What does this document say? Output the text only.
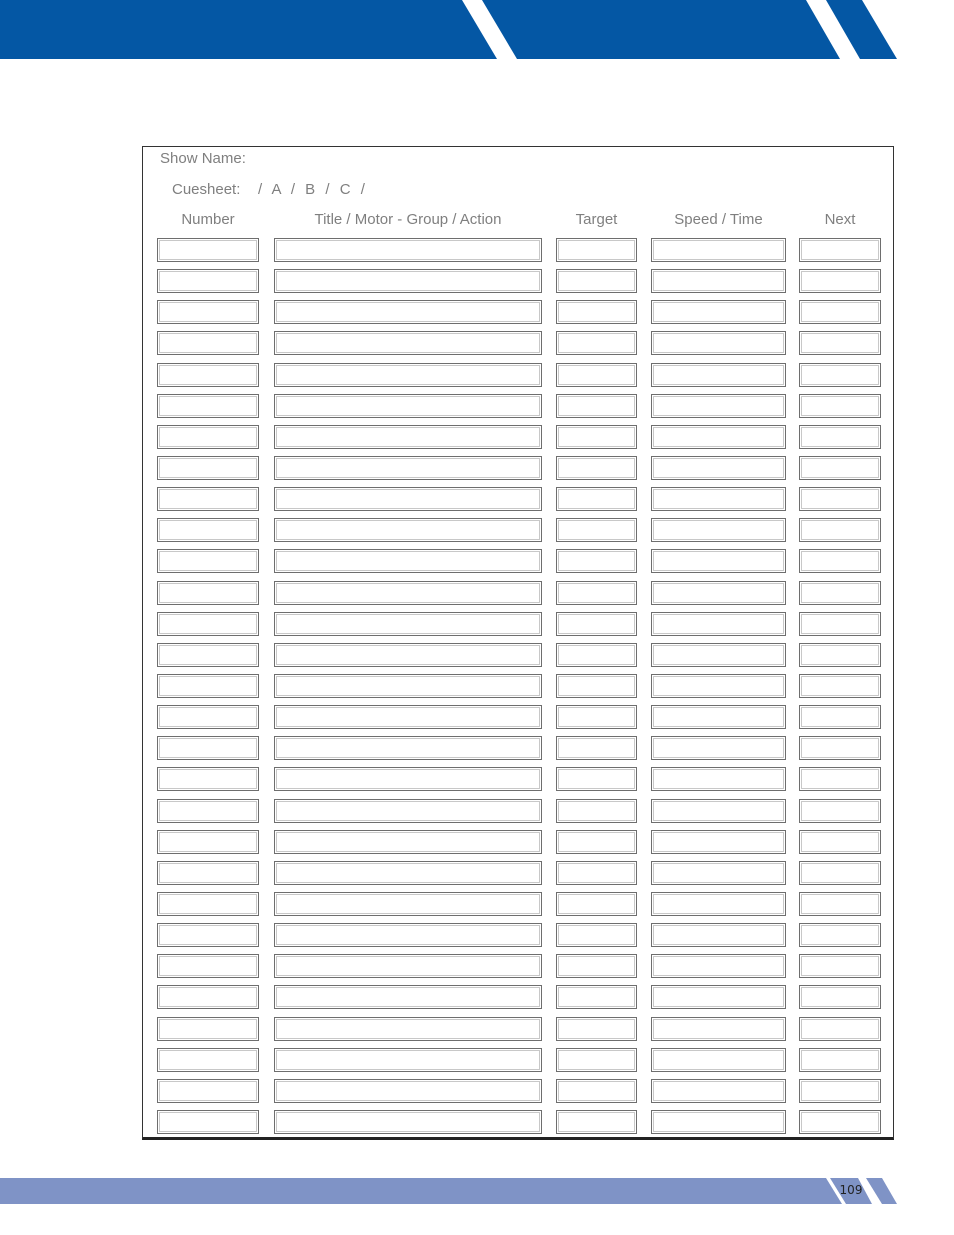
109
Show Name:
Cuesheet: / A / B / C /
Number	Title / Motor - Group / Action	Target	Speed / Time	Next
